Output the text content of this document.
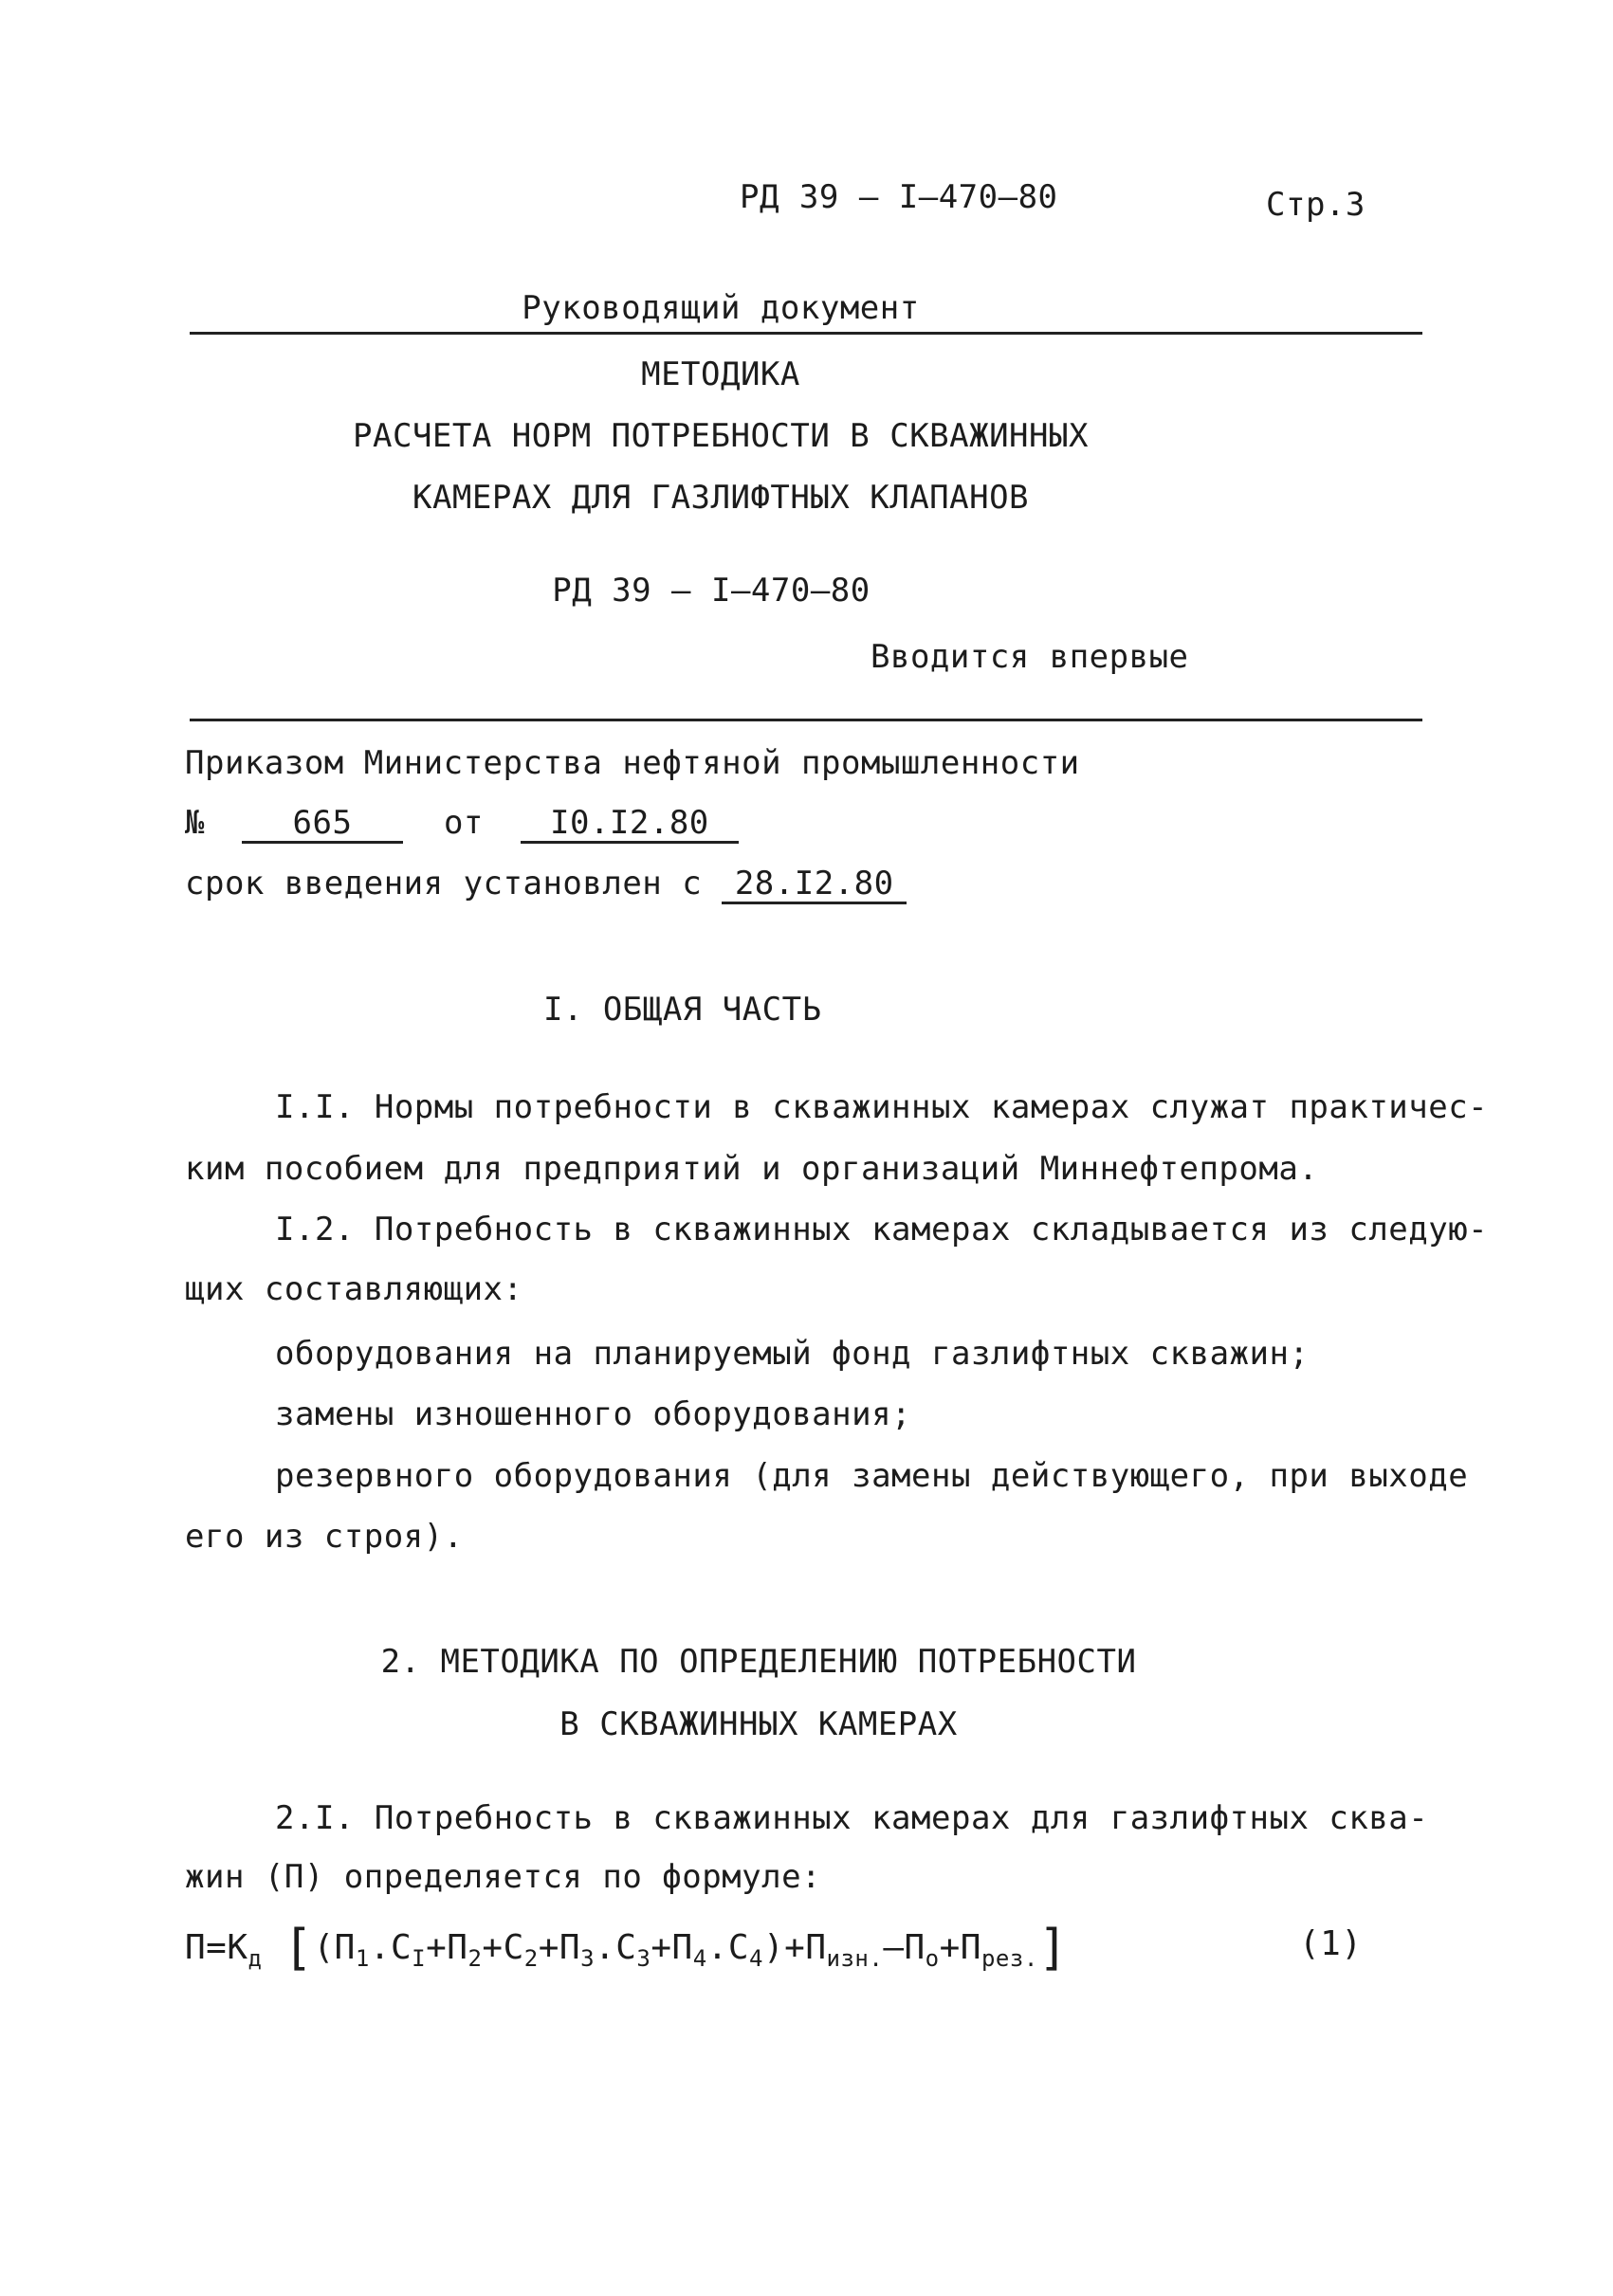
РД 39 — I–470–80	Стр.3
Руководящий документ
МЕТОДИКА
РАСЧЕТА НОРМ ПОТРЕБНОСТИ В СКВАЖИННЫХ
КАМЕРАХ ДЛЯ ГАЗЛИФТНЫХ КЛАПАНОВ
РД 39 – I–470–80
Вводится впервые
Приказом Министерства нефтяной промышленности
№	665	от I0.I2.80
срок введения установлен с 28.I2.80
I. ОБЩАЯ ЧАСТЬ
I.I. Нормы потребности в скважинных камерах служат практичес-
ким пособием для предприятий и организаций Миннефтепрома.
I.2. Потребность в скважинных камерах складывается из следую-
щих составляющих:
оборудования на планируемый фонд газлифтных скважин;
замены изношенного оборудования;
резервного оборудования (для замены действующего, при выходе
его из строя).
2. МЕТОДИКА ПО ОПРЕДЕЛЕНИЮ ПОТРЕБНОСТИ
В СКВАЖИННЫХ КАМЕРАХ
2.I. Потребность в скважинных камерах для газлифтных сква-
жин (П) определяется по формуле:
$П=К_д$ $[(П_1.С_I+П_2+С_2+П_3.С_3+П_4.С_4)+П_{изн.}-П_о+П_{рез.}]$	(1)
